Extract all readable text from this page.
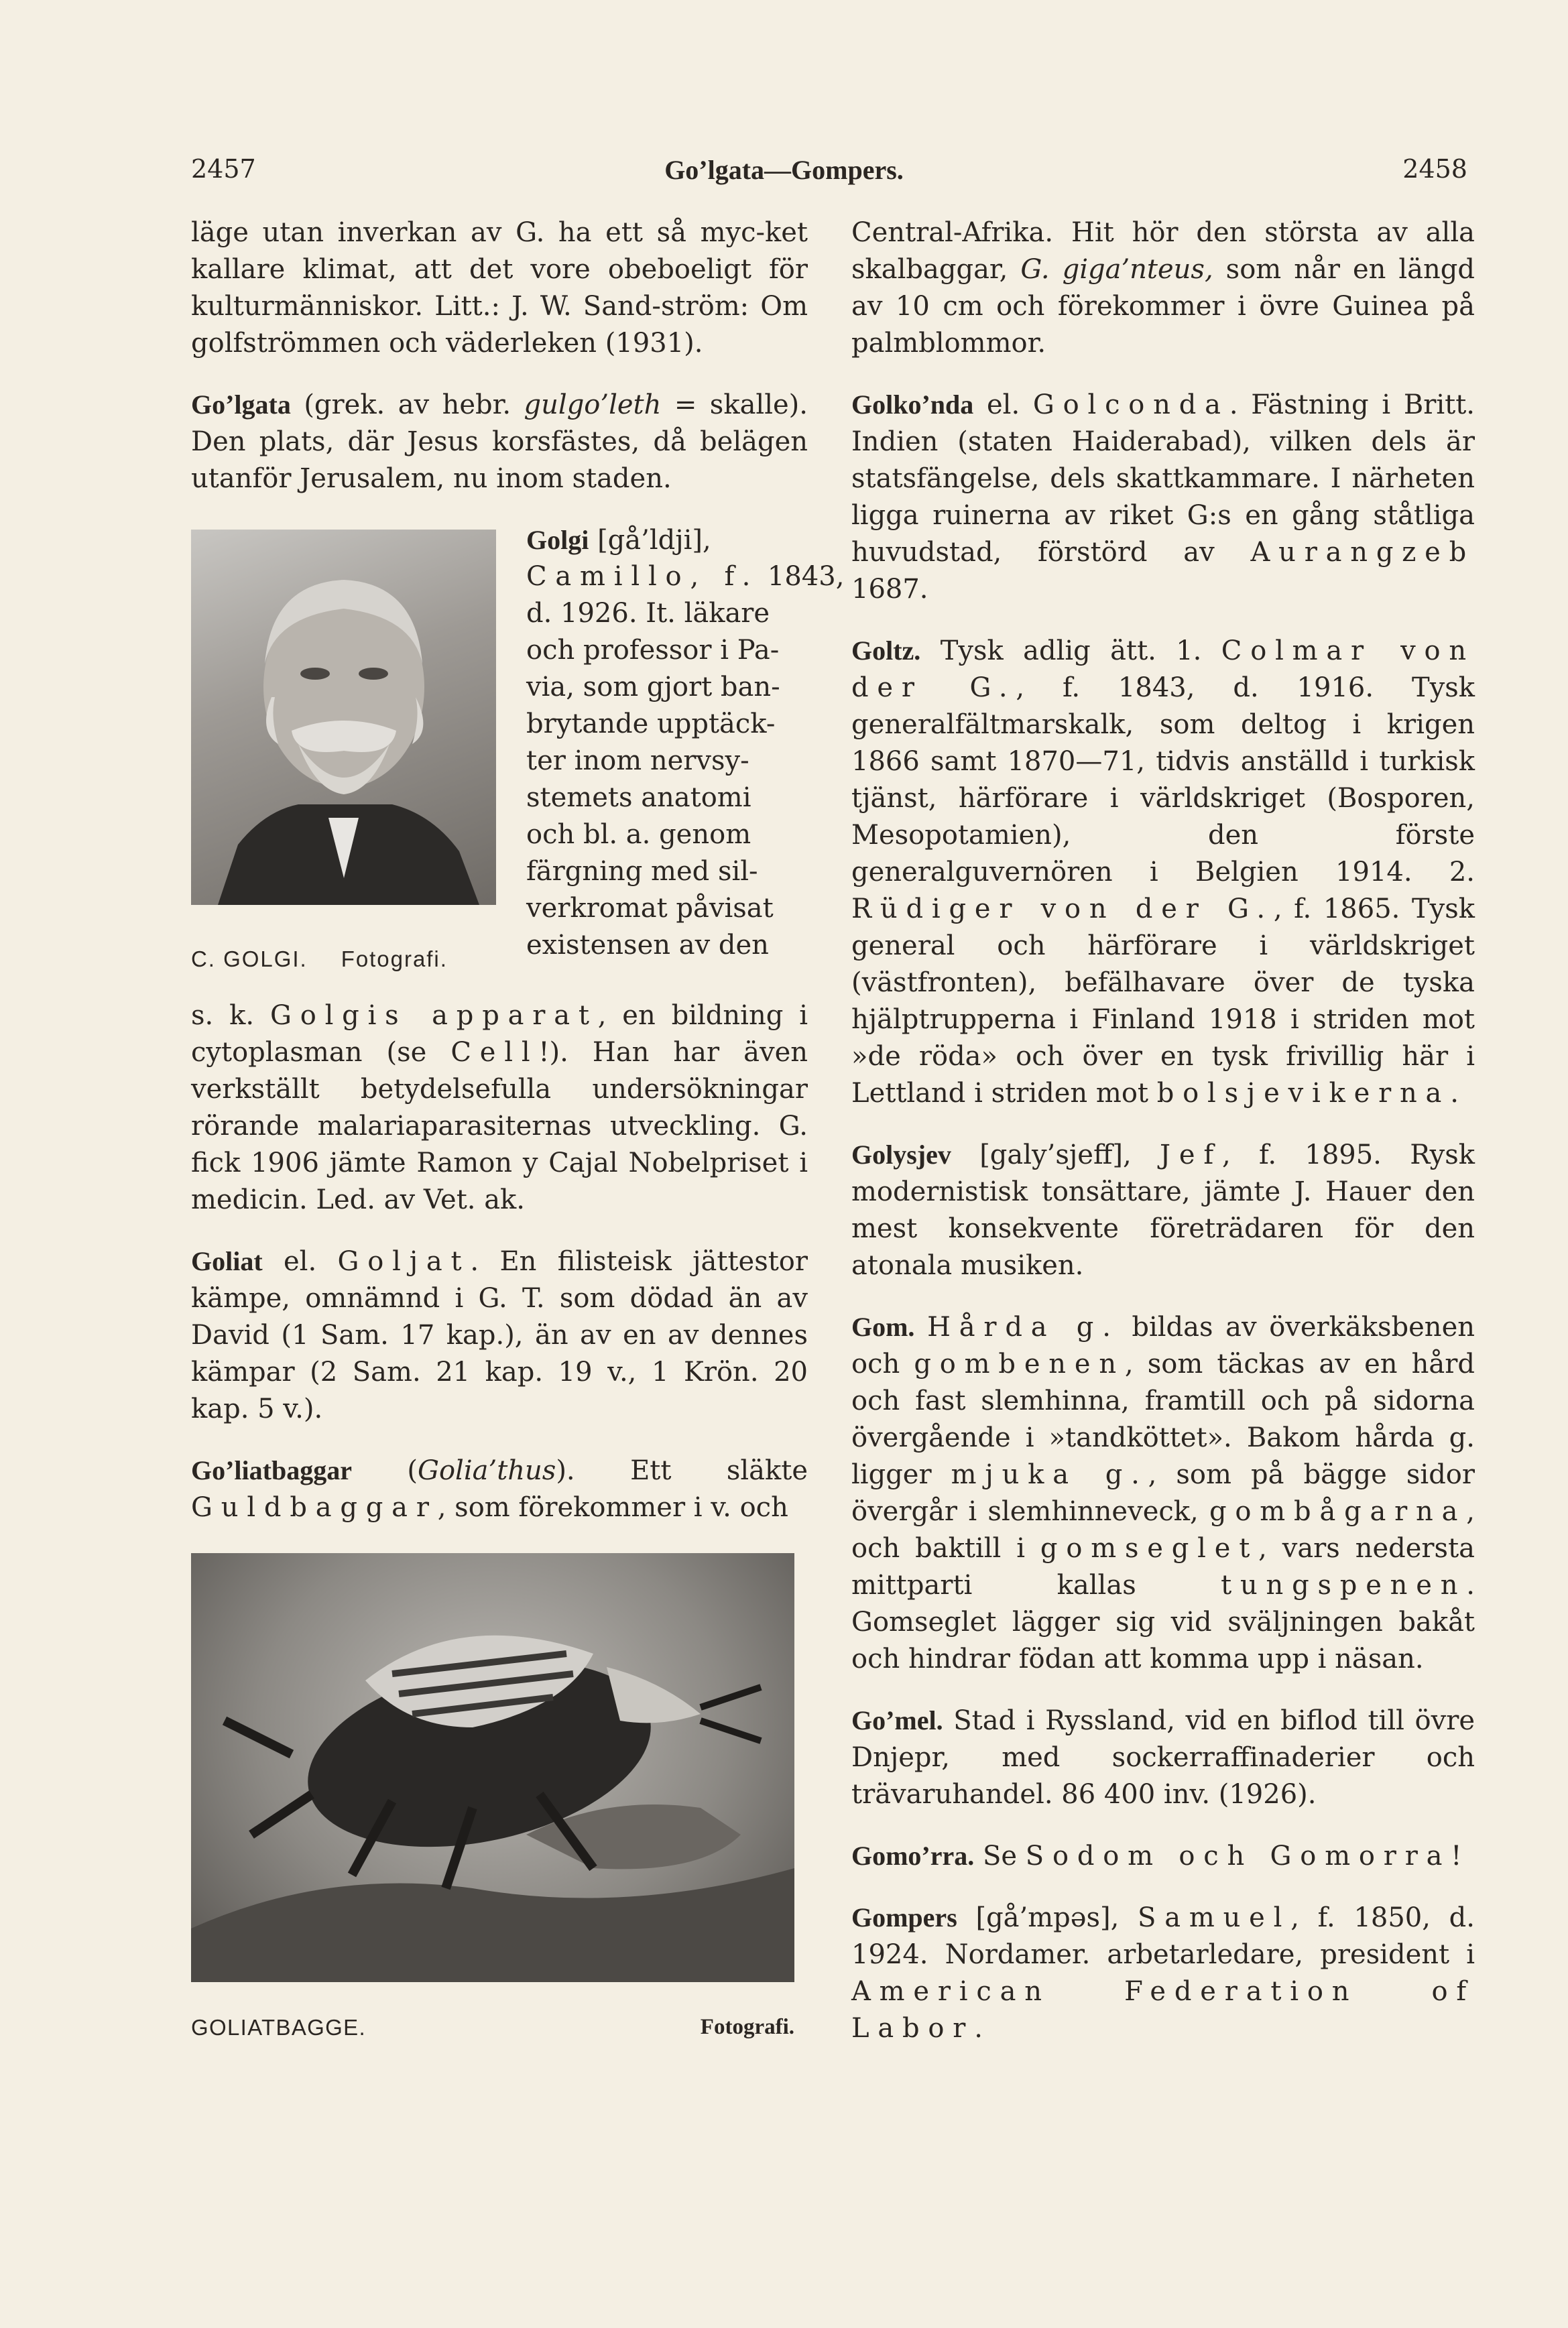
2457	Go’lgata—Gompers.	2458

läge utan inverkan av G. ha ett så myc-ket kallare klimat, att det vore obeboeligt för kulturmänniskor. Litt.: J. W. Sand-ström: Om golfströmmen och väderleken (1931).

Go’lgata (grek. av hebr. gulgo’leth = skalle). Den plats, där Jesus korsfästes, då belägen utanför Jerusalem, nu inom staden.

C. GOLGI. Fotografi.
Golgi [gå’ldji],
Camillo, f. 1843,
d. 1926. It. läkare
och professor i Pa-
via, som gjort ban-
brytande upptäck-
ter inom nervsy-
stemets anatomi
och bl. a. genom
färgning med sil-
verkromat påvisat
existensen av den

s. k. Golgis apparat, en bildning i cytoplasman (se Cell!). Han har även verkställt betydelsefulla undersökningar rörande malariaparasiternas utveckling. G. fick 1906 jämte Ramon y Cajal Nobelpriset i medicin. Led. av Vet. ak.

Goliat el. Goljat. En filisteisk jättestor kämpe, omnämnd i G. T. som dödad än av David (1 Sam. 17 kap.), än av en av dennes kämpar (2 Sam. 21 kap. 19 v., 1 Krön. 20 kap. 5 v.).

Go’liatbaggar (Golia’thus). Ett släkte Guldbaggar, som förekommer i v. och

GOLIATBAGGE.	Fotografi.

Central-Afrika. Hit hör den största av alla skalbaggar, G. giga’nteus, som når en längd av 10 cm och förekommer i övre Guinea på palmblommor.

Golko’nda el. Golconda. Fästning i Britt. Indien (staten Haiderabad), vilken dels är statsfängelse, dels skattkammare. I närheten ligga ruinerna av riket G:s en gång ståtliga huvudstad, förstörd av Aurangzeb 1687.

Goltz. Tysk adlig ätt. 1. Colmar von der G., f. 1843, d. 1916. Tysk generalfältmarskalk, som deltog i krigen 1866 samt 1870—71, tidvis anställd i turkisk tjänst, härförare i världskriget (Bosporen, Mesopotamien), den förste generalguvernören i Belgien 1914. 2. Rüdiger von der G., f. 1865. Tysk general och härförare i världskriget (västfronten), befälhavare över de tyska hjälptrupperna i Finland 1918 i striden mot »de röda» och över en tysk frivillig här i Lettland i striden mot bolsjevikerna.

Golysjev [galy’sjeff], Jef, f. 1895. Rysk modernistisk tonsättare, jämte J. Hauer den mest konsekvente företrädaren för den atonala musiken.

Gom. Hårda g. bildas av överkäksbenen och gombenen, som täckas av en hård och fast slemhinna, framtill och på sidorna övergående i »tandköttet». Bakom hårda g. ligger mjuka g., som på bägge sidor övergår i slemhinneveck, gombågarna, och baktill i gomseglet, vars nedersta mittparti kallas tungspenen. Gomseglet lägger sig vid sväljningen bakåt och hindrar födan att komma upp i näsan.

Go’mel. Stad i Ryssland, vid en biflod till övre Dnjepr, med sockerraffinaderier och trävaruhandel. 86 400 inv. (1926).

Gomo’rra. Se Sodom och Gomorra!

Gompers [gå’mpəs], Samuel, f. 1850, d. 1924. Nordamer. arbetarledare, president i American Federation of Labor.
